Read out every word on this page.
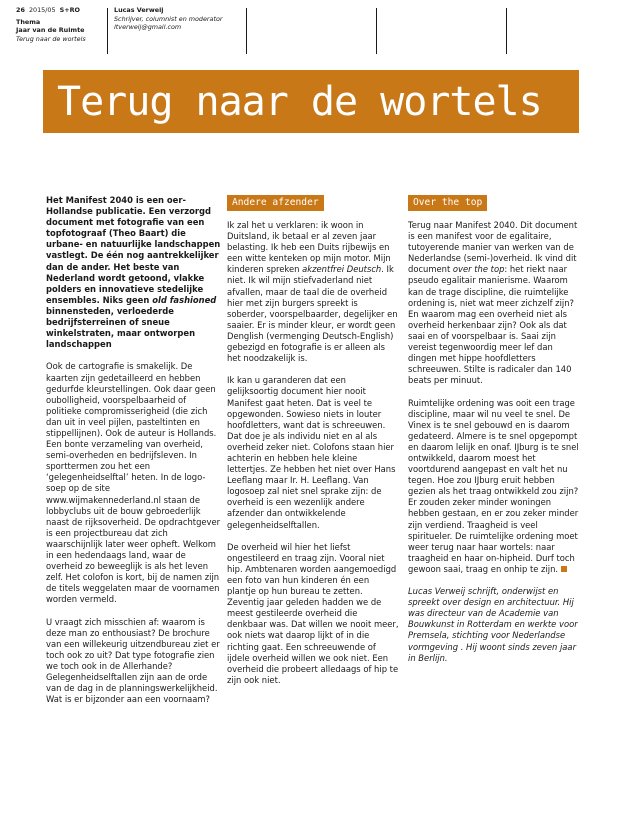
26 2015/05 S+RO
Thema
Jaar van de Ruimte
Terug naar de wortels
Lucas Verweij
Schrijver, columnist en moderator
ltverweij@gmail.com
Terug naar de wortels

Het Manifest 2040 is een oer-Hollandse publicatie. Een verzorgd document met fotografie van een topfotograaf (Theo Baart) die urbane- en natuurlijke landschappen vastlegt. De één nog aantrekkelijker dan de ander. Het beste van Nederland wordt getoond, vlakke polders en innovatieve stedelijke ensembles. Niks geen old fashioned binnensteden, verloederde bedrijfsterreinen of sneue winkelstraten, maar ontworpen landschappen

Ook de cartografie is smakelijk. De kaarten zijn gedetailleerd en hebben gedurfde kleurstellingen. Ook daar geen oubolligheid, voorspelbaarheid of politieke compromisserigheid (die zich dan uit in veel pijlen, pasteltinten en stippellijnen). Ook de auteur is Hollands. Een bonte verzameling van overheid, semi-overheden en bedrijfsleven. In sporttermen zou het een ‘gelegenheidselftal’ heten. In de logo-soep op de site www.wijmakennederland.nl staan de lobbyclubs uit de bouw gebroederlijk naast de rijksoverheid. De opdrachtgever is een projectbureau dat zich waarschijnlijk later weer opheft. Welkom in een hedendaags land, waar de overheid zo beweeglijk is als het leven zelf. Het colofon is kort, bij de namen zijn de titels weggelaten maar de voornamen worden vermeld.

U vraagt zich misschien af: waarom is deze man zo enthousiast? De brochure van een willekeurig uitzendbureau ziet er toch ook zo uit? Dat type fotografie zien we toch ook in de Allerhande? Gelegenheidselftallen zijn aan de orde van de dag in de planningswerkelijkheid. Wat is er bijzonder aan een voornaam?

Andere afzender

Ik zal het u verklaren: ik woon in Duitsland, ik betaal er al zeven jaar belasting. Ik heb een Duits rijbewijs en een witte kenteken op mijn motor. Mijn kinderen spreken akzentfrei Deutsch. Ik niet. Ik wil mijn stiefvaderland niet afvallen, maar de taal die de overheid hier met zijn burgers spreekt is soberder, voorspelbaarder, degelijker en saaier. Er is minder kleur, er wordt geen Denglish (vermenging Deutsch-English) gebezigd en fotografie is er alleen als het noodzakelijk is.

Ik kan u garanderen dat een gelijksoortig document hier nooit Manifest gaat heten. Dat is veel te opgewonden. Sowieso niets in louter hoofdletters, want dat is schreeuwen. Dat doe je als individu niet en al als overheid zeker niet. Colofons staan hier achterin en hebben hele kleine lettertjes. Ze hebben het niet over Hans Leeflang maar Ir. H. Leeflang. Van logosoep zal niet snel sprake zijn: de overheid is een wezenlijk andere afzender dan ontwikkelende gelegenheidselftallen.

De overheid wil hier het liefst ongestileerd en traag zijn. Vooral niet hip. Ambtenaren worden aangemoedigd een foto van hun kinderen én een plantje op hun bureau te zetten. Zeventig jaar geleden hadden we de meest gestileerde overheid die denkbaar was. Dat willen we nooit meer, ook niets wat daarop lijkt of in die richting gaat. Een schreeuwende of ijdele overheid willen we ook niet. Een overheid die probeert alledaags of hip te zijn ook niet.

Over the top

Terug naar Manifest 2040. Dit document is een manifest voor de egalitaire, tutoyerende manier van werken van de Nederlandse (semi-)overheid. Ik vind dit document over the top: het riekt naar pseudo egalitair manierisme. Waarom kan de trage discipline, die ruimtelijke ordening is, niet wat meer zichzelf zijn? En waarom mag een overheid niet als overheid herkenbaar zijn? Ook als dat saai en of voorspelbaar is. Saai zijn vereist tegenwoordig meer lef dan dingen met hippe hoofdletters schreeuwen. Stilte is radicaler dan 140 beats per minuut.

Ruimtelijke ordening was ooit een trage discipline, maar wil nu veel te snel. De Vinex is te snel gebouwd en is daarom gedateerd. Almere is te snel opgepompt en daarom lelijk en onaf. IJburg is te snel ontwikkeld, daarom moest het voortdurend aangepast en valt het nu tegen. Hoe zou IJburg eruit hebben gezien als het traag ontwikkeld zou zijn? Er zouden zeker minder woningen hebben gestaan, en er zou zeker minder zijn verdiend. Traagheid is veel spiritueler. De ruimtelijke ordening moet weer terug naar haar wortels: naar traagheid en haar on-hipheid. Durf toch gewoon saai, traag en onhip te zijn.

Lucas Verweij schrijft, onderwijst en spreekt over design en architectuur. Hij was directeur van de Academie van Bouwkunst in Rotterdam en werkte voor Premsela, stichting voor Nederlandse vormgeving . Hij woont sinds zeven jaar in Berlijn.
